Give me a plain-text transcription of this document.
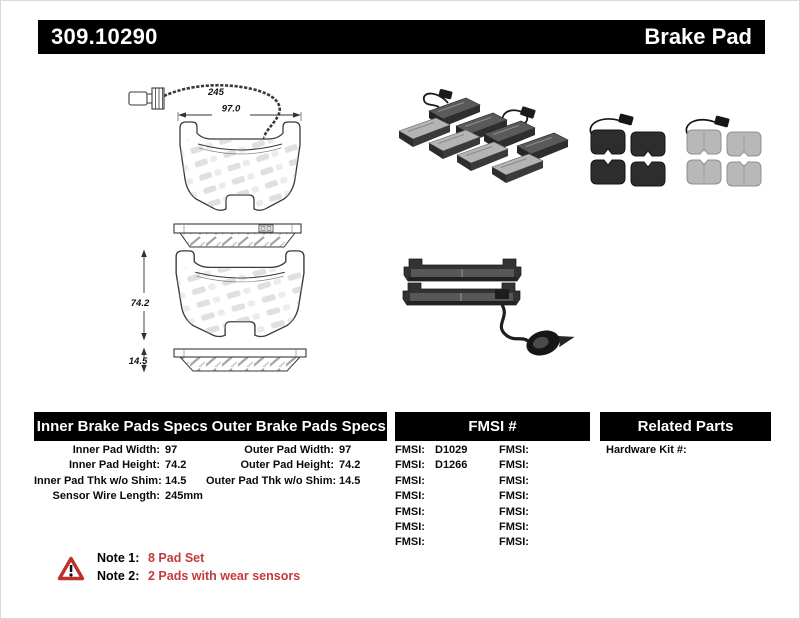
309.10290	Brake Pad
245
97.0
74.2
14.5
Inner Brake Pads Specs Outer Brake Pads Specs	FMSI #	Related Parts
Inner Pad Width: 97
Inner Pad Height: 74.2
Inner Pad Thk w/o Shim: 14.5
Sensor Wire Length: 245mm
Outer Pad Width: 97
Outer Pad Height: 74.2
Outer Pad Thk w/o Shim: 14.5
FMSI: D1029
FMSI: D1266
FMSI:
FMSI:
FMSI:
FMSI:
FMSI:
FMSI:
FMSI:
FMSI:
FMSI:
FMSI:
FMSI:
FMSI:
Hardware Kit #:
Note 1: 8 Pad Set
Note 2: 2 Pads with wear sensors
